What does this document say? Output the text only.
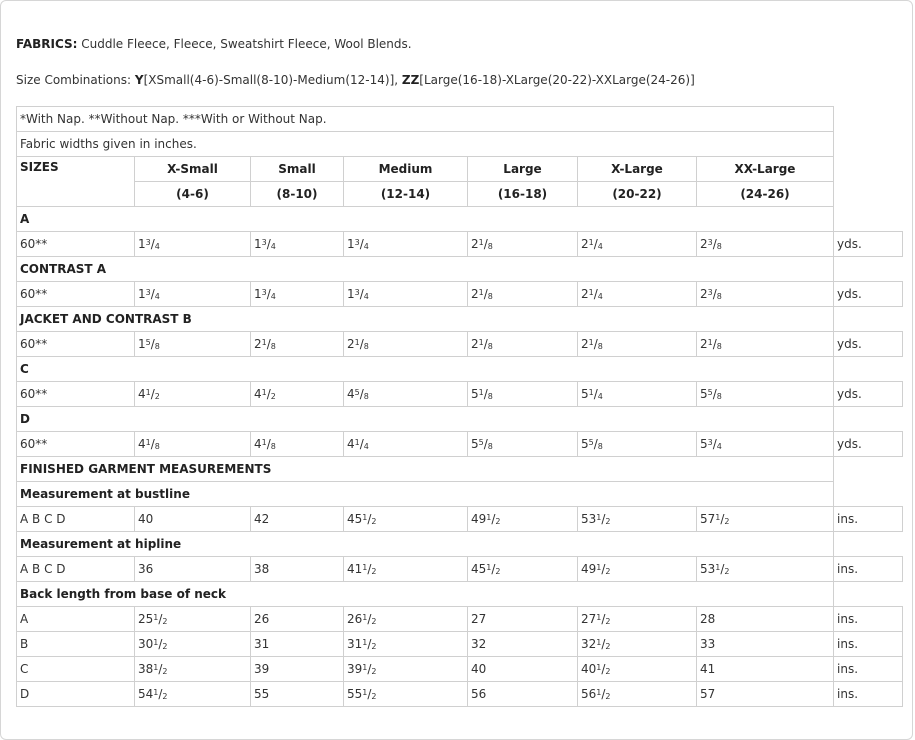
FABRICS: Cuddle Fleece, Fleece, Sweatshirt Fleece, Wool Blends.
Size Combinations: Y[XSmall(4-6)-Small(8-10)-Medium(12-14)], ZZ[Large(16-18)-XLarge(20-22)-XXLarge(24-26)]
*With Nap. **Without Nap. ***With or Without Nap.							
Fabric widths given in inches.							
SIZES	X-Small	Small	Medium	Large	X-Large	XX-Large	
	(4-6)	(8-10)	(12-14)	(16-18)	(20-22)	(24-26)	
A							
60**	$1^3/_4$	$1^3/_4$	$1^3/_4$	$2^1/_8$	$2^1/_4$	$2^3/_8$	yds.
CONTRAST A							
60**	$1^3/_4$	$1^3/_4$	$1^3/_4$	$2^1/_8$	$2^1/_4$	$2^3/_8$	yds.
JACKET AND CONTRAST B							
60**	$1^5/_8$	$2^1/_8$	$2^1/_8$	$2^1/_8$	$2^1/_8$	$2^1/_8$	yds.
C							
60**	$4^1/_2$	$4^1/_2$	$4^5/_8$	$5^1/_8$	$5^1/_4$	$5^5/_8$	yds.
D							
60**	$4^1/_8$	$4^1/_8$	$4^1/_4$	$5^5/_8$	$5^5/_8$	$5^3/_4$	yds.
FINISHED GARMENT MEASUREMENTS							
Measurement at bustline							
A B C D	40	42	$45^1/_2$	$49^1/_2$	$53^1/_2$	$57^1/_2$	ins.
Measurement at hipline							
A B C D	36	38	$41^1/_2$	$45^1/_2$	$49^1/_2$	$53^1/_2$	ins.
Back length from base of neck							
A	$25^1/_2$	26	$26^1/_2$	27	$27^1/_2$	28	ins.
B	$30^1/_2$	31	$31^1/_2$	32	$32^1/_2$	33	ins.
C	$38^1/_2$	39	$39^1/_2$	40	$40^1/_2$	41	ins.
D	$54^1/_2$	55	$55^1/_2$	56	$56^1/_2$	57	ins.
